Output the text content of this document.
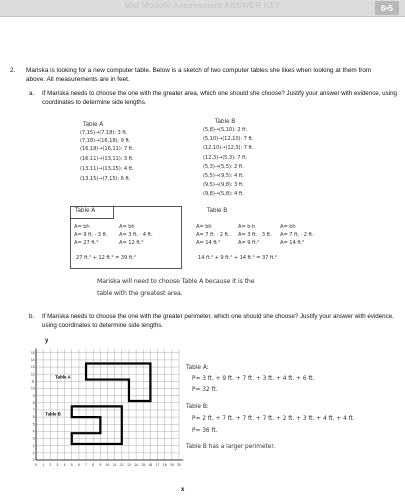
Mid-Module Assessment ANSWER KEY	6•5
2. Mariska is looking for a new computer table. Below is a sketch of two computer tables she likes when looking at them from above. All measurements are in feet.
a. If Mariska needs to choose the one with the greater area, which one should she choose? Justify your answer with evidence, using coordinates to determine side lengths.
Table A
(7,15)→(7,18): 3 ft.
(7,18)→(16,18): 9 ft.
(16,18)→(16,11): 7 ft.
(16,11)→(13,11): 3 ft.
(13,11)→(13,15): 4 ft.
(13,15)→(7,15): 6 ft.
Table B
(5,8)→(5,10): 2 ft.
(5,10)→(12,10): 7 ft.
(12,10)→(12,3): 7 ft.
(12,3)→(5,3): 7 ft.
(5,3)→(5,5): 2 ft.
(5,5)→(9,5): 4 ft.
(9,5)→(9,8): 3 ft.
(9,8)→(5,8): 4 ft.
Table A
A= bh
A= 9 ft. · 3 ft.
A= 27 ft.²
A= bh
A= 3 ft. · 4 ft.
A= 12 ft.²
27 ft.² + 12 ft.² = 39 ft.²
Table B
A= bh
A= 7 ft. · 2 ft.
A= 14 ft.²
A= b·h
A= 3 ft. · 3 ft.
A= 9 ft.²
A= bh
A= 7 ft. · 2 ft.
A= 14 ft.²
14 ft.² + 9 ft.² + 14 ft.² = 37 ft.²
Mariska will need to choose Table A because it is the
table with the greatest area.
b. If Mariska needs to choose the one with the greater perimeter, which one should she choose? Justify your answer with evidence, using coordinates to determine side lengths.
0 1 2 3 4 5 6 7 8 9 10 11 12 13 14 15 16 17 18 19 20
0
1
2
3
4
5
6
7
8
9
10
11
12
13
14
15
Table A
Table B
y
x
Table A:
P= 3 ft. + 9 ft. + 7 ft. + 3 ft. + 4 ft. + 6 ft.
P= 32 ft.
Table B:
P= 2 ft. + 7 ft. + 7 ft. + 7 ft. + 2 ft. + 3 ft. + 4 ft. + 4 ft.
P= 36 ft.
Table B has a larger perimeter.
